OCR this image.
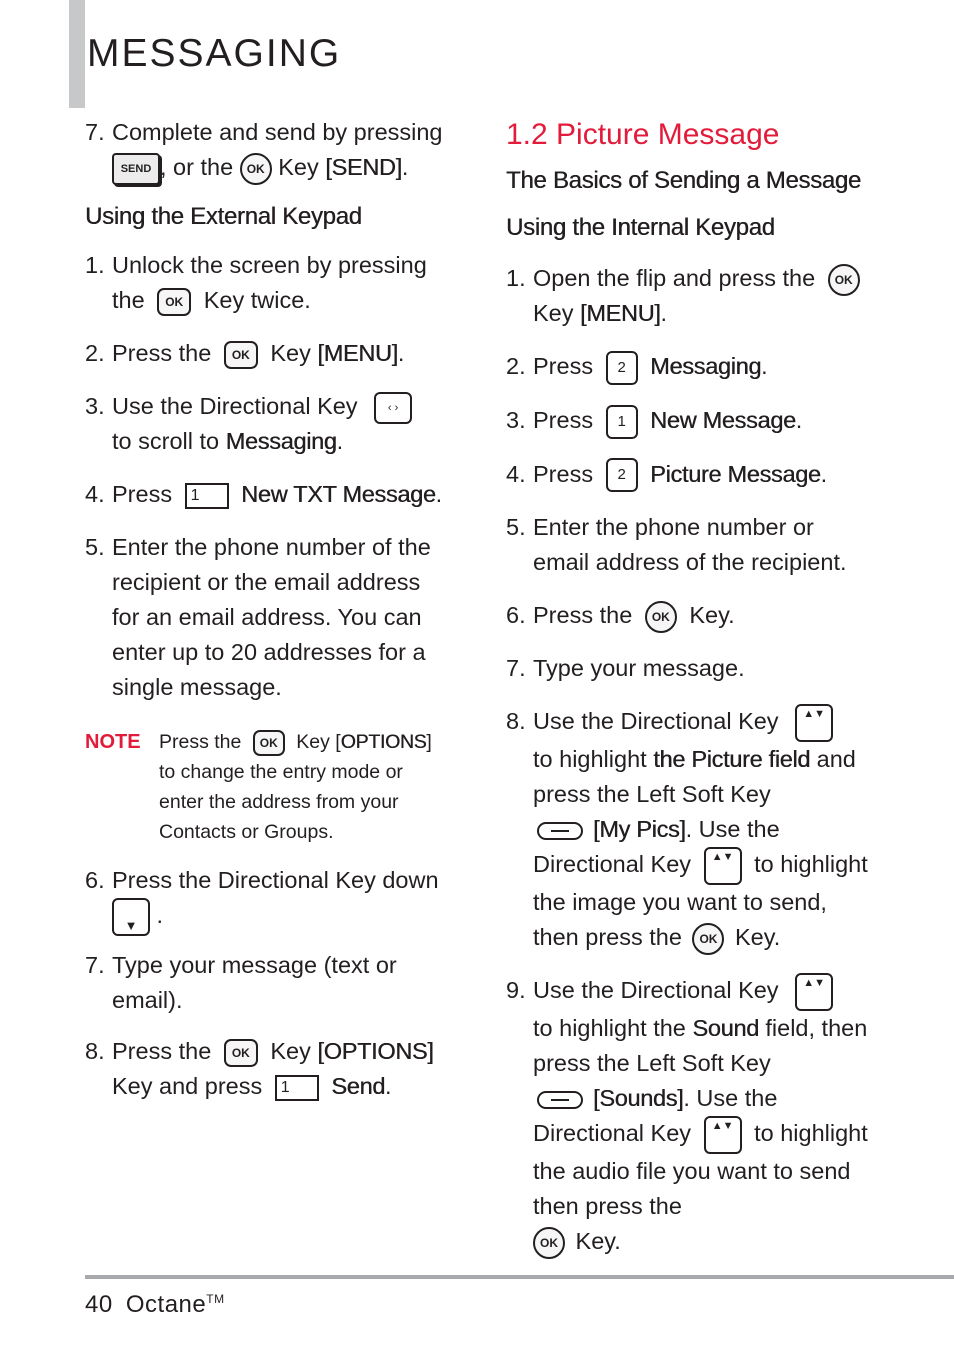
MESSAGING

7. Complete and send by pressing
SEND , or the OK Key [SEND].

Using the External Keypad

1. Unlock the screen by pressing the OK Key twice.

2. Press the OK Key [MENU].

3. Use the Directional Key	‹ ›
to scroll to Messaging.

4. Press 1 New TXT Message.

5. Enter the phone number of the recipient or the email address for an email address. You can enter up to 20 addresses for a single message.

NOTE Press the OK Key [OPTIONS] to change the entry mode or enter the address from your Contacts or Groups.

6. Press the Directional Key down
▼ .

7. Type your message (text or email).

8. Press the OK Key [OPTIONS]
Key and press 1 Send.

1.2 Picture Message

The Basics of Sending a Message

Using the Internal Keypad

1. Open the flip and press the OK
Key [MENU].

2. Press 2 Messaging.

3. Press 1 New Message.

4. Press 2 Picture Message.

5. Enter the phone number or email address of the recipient.

6. Press the OK Key.

7. Type your message.

8. Use the Directional Key ▲▼
to highlight the Picture field and press the Left Soft Key
[My Pics]. Use the Directional Key ▲▼ to highlight the image you want to send, then press the OK Key.

9. Use the Directional Key ▲▼
to highlight the Sound field, then press the Left Soft Key
[Sounds]. Use the Directional Key ▲▼ to highlight the audio file you want to send then press the
OK Key.

40 Octane™
